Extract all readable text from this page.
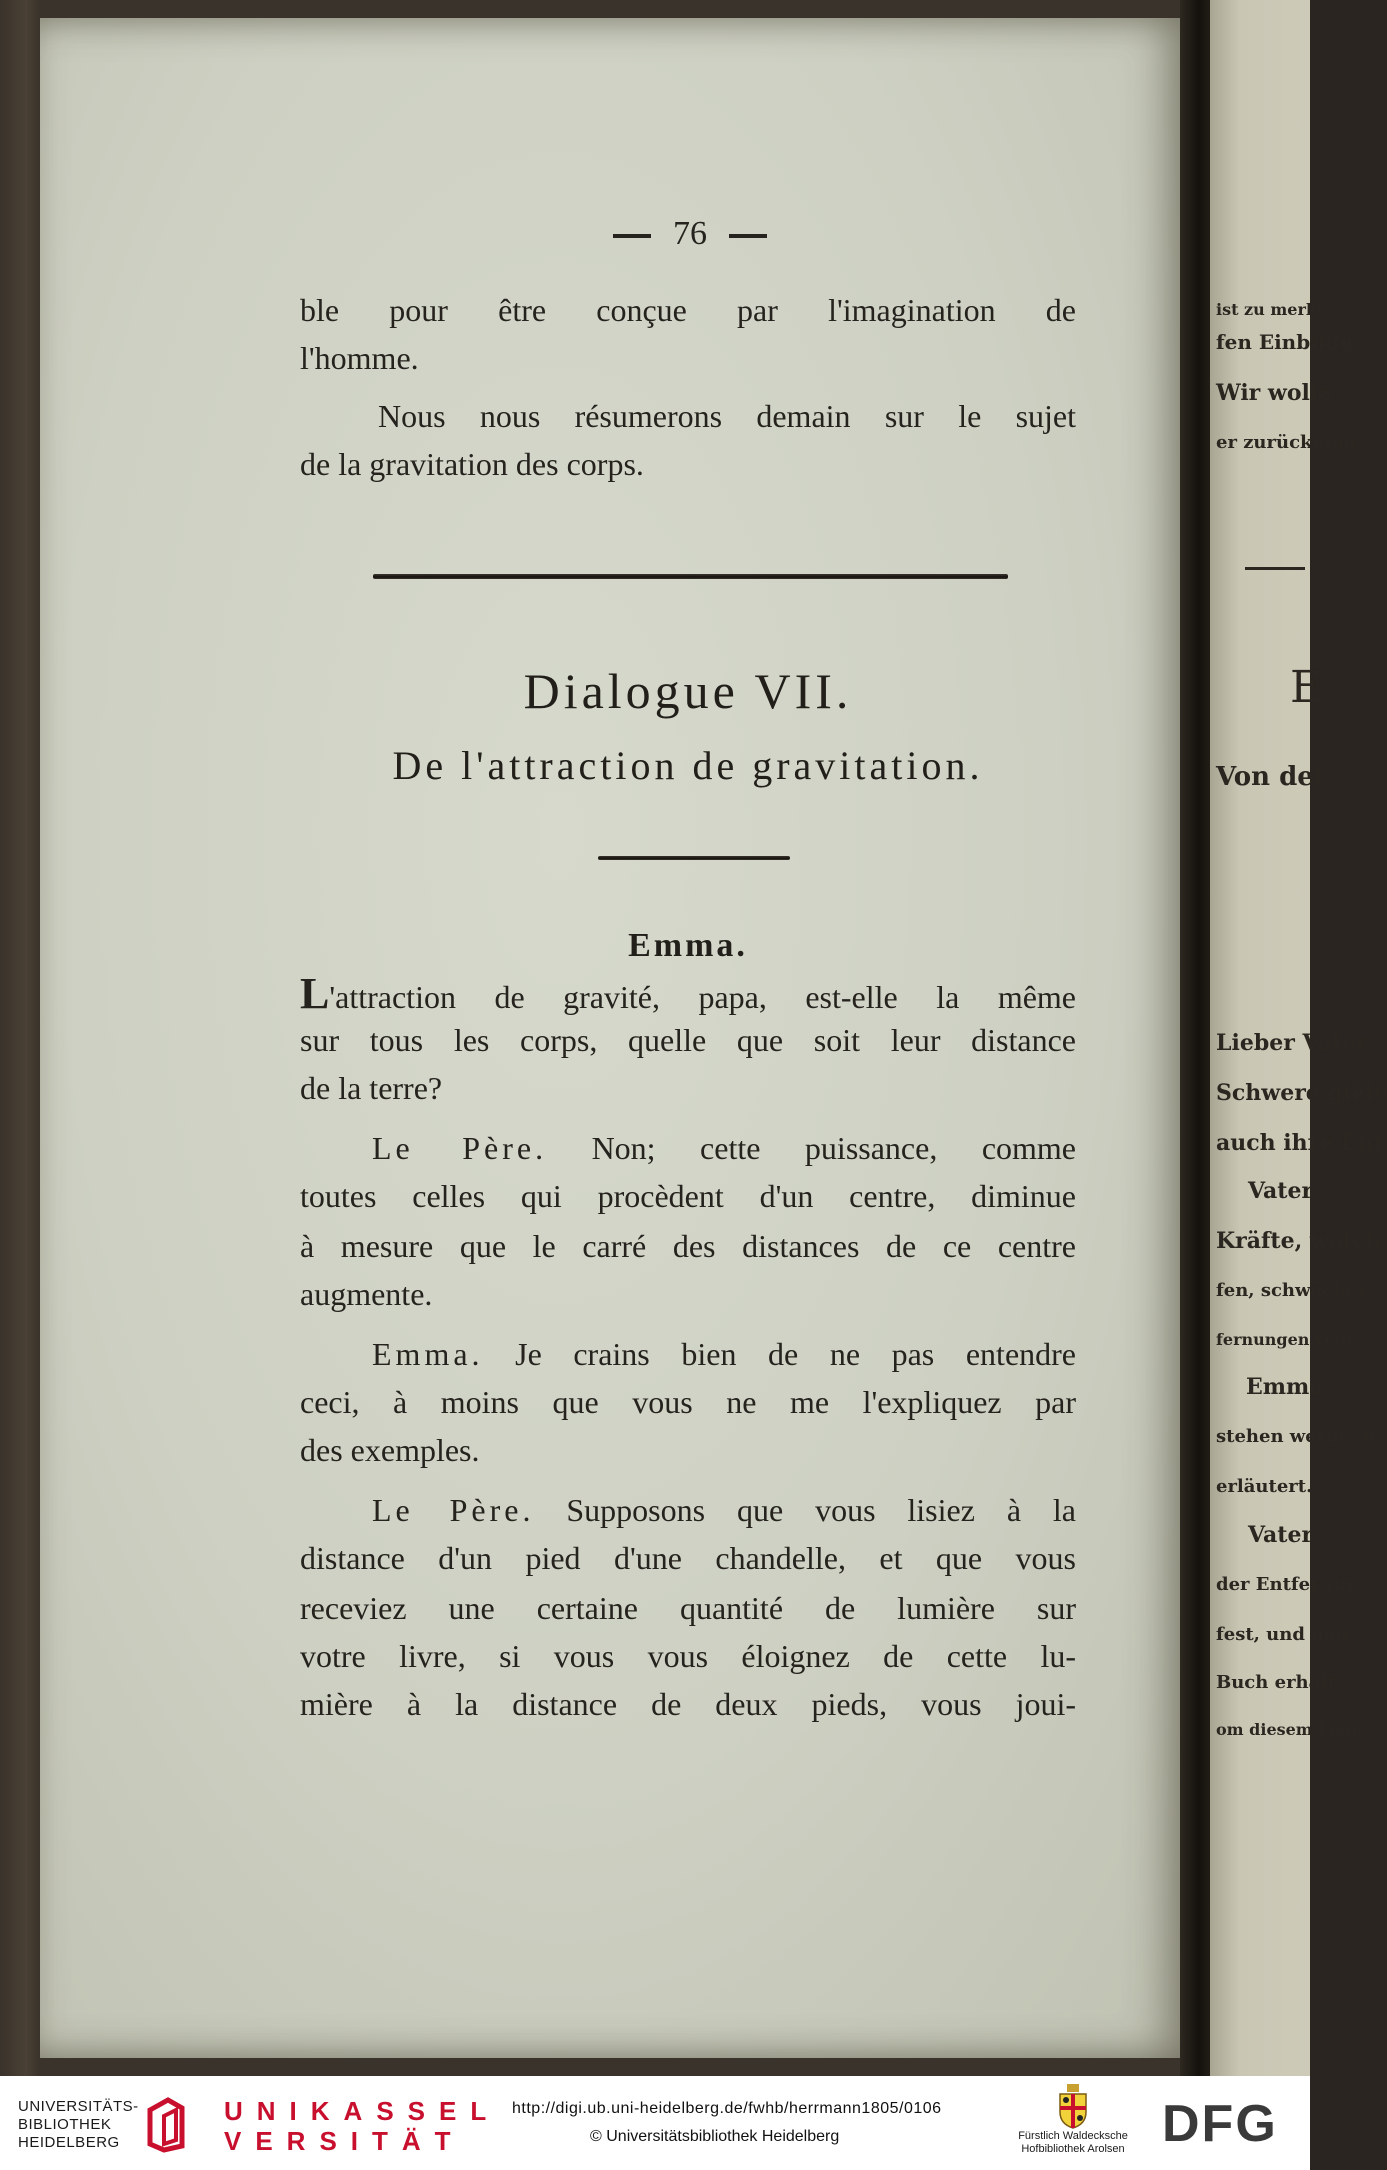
ist zu merkt
fen Einbildu
Wir wolle
er zurückkom
E
Von der
Lieber Vater
Schwere gleic
auch ihre Ent
Vater.
Kräfte, welch
fen, schwächer
fernungen vom
Emma.
stehen werde, w
erläutert.
Vater.
der Entfernun
fest, und daß
Buch erhält.
om diesem Lichte
76
ble pour être conçue par l'imagination de
l'homme.
Nous nous résumerons demain sur le sujet
de la gravitation des corps.
Dialogue VII.
De l'attraction de gravitation.
Emma.
L'attraction de gravité, papa, est-elle la même
sur tous les corps, quelle que soit leur distance
de la terre?
Le Père. Non; cette puissance, comme
toutes celles qui procèdent d'un centre, diminue
à mesure que le carré des distances de ce centre
augmente.
Emma. Je crains bien de ne pas entendre
ceci, à moins que vous ne me l'expliquez par
des exemples.
Le Père. Supposons que vous lisiez à la
distance d'un pied d'une chandelle, et que vous
receviez une certaine quantité de lumière sur
votre livre, si vous vous éloignez de cette lu-
mière à la distance de deux pieds, vous joui-
UNIVERSITÄTS-
BIBLIOTHEK
HEIDELBERG
UNIKASSEL
VERSITÄT
http://digi.ub.uni-heidelberg.de/fwhb/herrmann1805/0106
© Universitätsbibliothek Heidelberg	Fürstlich Waldecksche
Hofbibliothek Arolsen DFG
